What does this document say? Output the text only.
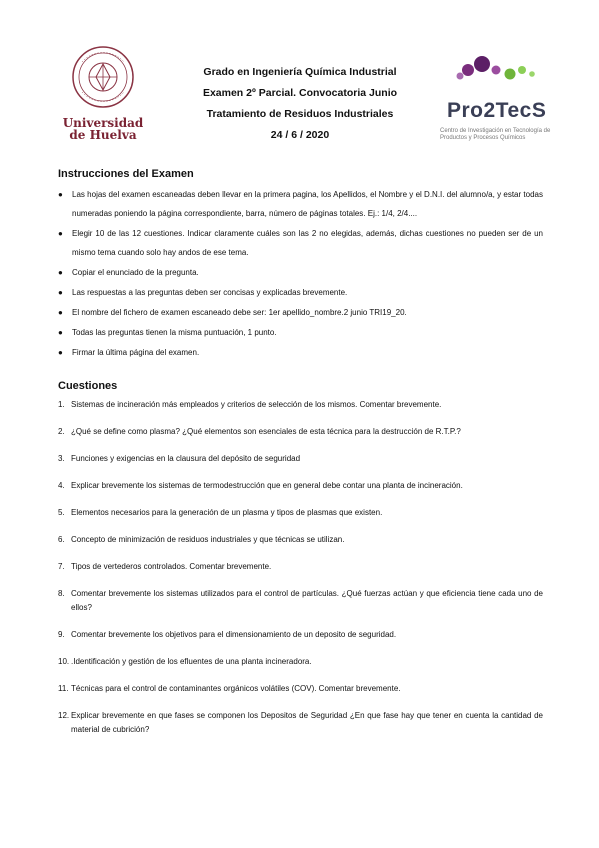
Universidad de Huelva
Grado en Ingeniería Química Industrial
Examen 2º Parcial. Convocatoria Junio
Tratamiento de Residuos Industriales
24 / 6 / 2020
Pro2TecS
Centro de Investigación en Tecnología de Productos y Procesos Químicos
Instrucciones del Examen
● Las hojas del examen escaneadas deben llevar en la primera pagina, los Apellidos, el Nombre y el D.N.I. del alumno/a, y estar todas numeradas poniendo la página correspondiente, barra, número de páginas totales. Ej.: 1/4, 2/4....
● Elegir 10 de las 12 cuestiones. Indicar claramente cuáles son las 2 no elegidas, además, dichas cuestiones no pueden ser de un mismo tema cuando solo hay andos de ese tema.
● Copiar el enunciado de la pregunta.
● Las respuestas a las preguntas deben ser concisas y explicadas brevemente.
● El nombre del fichero de examen escaneado debe ser: 1er apellido_nombre.2 junio TRI19_20.
● Todas las preguntas tienen la misma puntuación, 1 punto.
● Firmar la última página del examen.
Cuestiones
1. Sistemas de incineración más empleados y criterios de selección de los mismos. Comentar brevemente.
2. ¿Qué se define como plasma? ¿Qué elementos son esenciales de esta técnica para la destrucción de R.T.P.?
3. Funciones y exigencias en la clausura del depósito de seguridad
4. Explicar brevemente los sistemas de termodestrucción que en general debe contar una planta de incineración.
5. Elementos necesarios para la generación de un plasma y tipos de plasmas que existen.
6. Concepto de minimización de residuos industriales y que técnicas se utilizan.
7. Tipos de vertederos controlados. Comentar brevemente.
8. Comentar brevemente los sistemas utilizados para el control de partículas. ¿Qué fuerzas actúan y que eficiencia tiene cada uno de ellos?
9. Comentar brevemente los objetivos para el dimensionamiento de un deposito de seguridad.
10. .Identificación y gestión de los efluentes de una planta incineradora.
11. Técnicas para el control de contaminantes orgánicos volátiles (COV). Comentar brevemente.
12. Explicar brevemente en que fases se componen los Depositos de Seguridad ¿En que fase hay que tener en cuenta la cantidad de material de cubrición?
